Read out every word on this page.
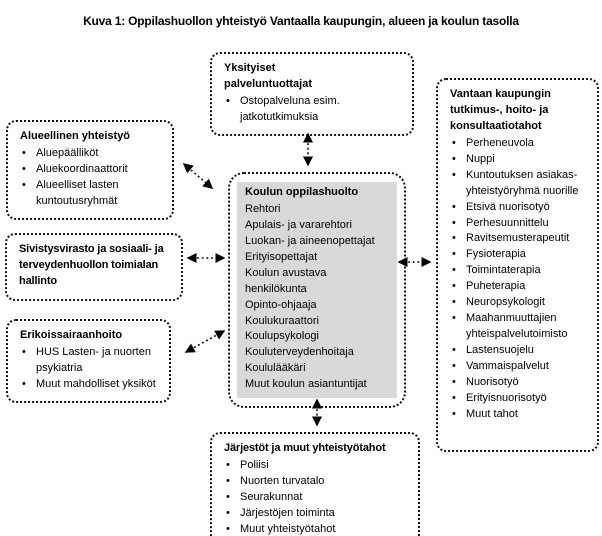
Kuva 1: Oppilashuollon yhteistyö Vantaalla kaupungin, alueen ja koulun tasolla
Yksityiset palveluntuottajat
• Ostopalveluna esim. jatkotutkimuksia
Alueellinen yhteistyö
• Aluepäälliköt
• Aluekoordinaattorit
• Alueelliset lasten kuntoutusryhmät
Sivistysvirasto ja sosiaali- ja terveydenhuollon toimialan hallinto
Erikoissairaanhoito
• HUS Lasten- ja nuorten psykiatria
• Muut mahdolliset yksiköt
Koulun oppilashuolto
Rehtori
Apulais- ja vararehtori
Luokan- ja aineenopettajat
Erityisopettajat
Koulun avustava henkilökunta
Opinto-ohjaaja
Koulukuraattori
Koulupsykologi
Kouluterveydenhoitaja
Koululääkäri
Muut koulun asiantuntijat
Vantaan kaupungin tutkimus-, hoito- ja konsultaatiotahot
• Perheneuvola
• Nuppi
• Kuntoutuksen asiakas-yhteistyöryhmä nuorille
• Etsivä nuorisotyö
• Perhesuunnittelu
• Ravitsemusterapeutit
• Fysioterapia
• Toimintaterapia
• Puheterapia
• Neuropsykologit
• Maahanmuuttajien yhteispalvelutoimisto
• Lastensuojelu
• Vammaispalvelut
• Nuorisotyö
• Erityisnuorisotyö
• Muut tahot
Järjestöt ja muut yhteistyötahot
• Poliisi
• Nuorten turvatalo
• Seurakunnat
• Järjestöjen toiminta
• Muut yhteistyötahot
